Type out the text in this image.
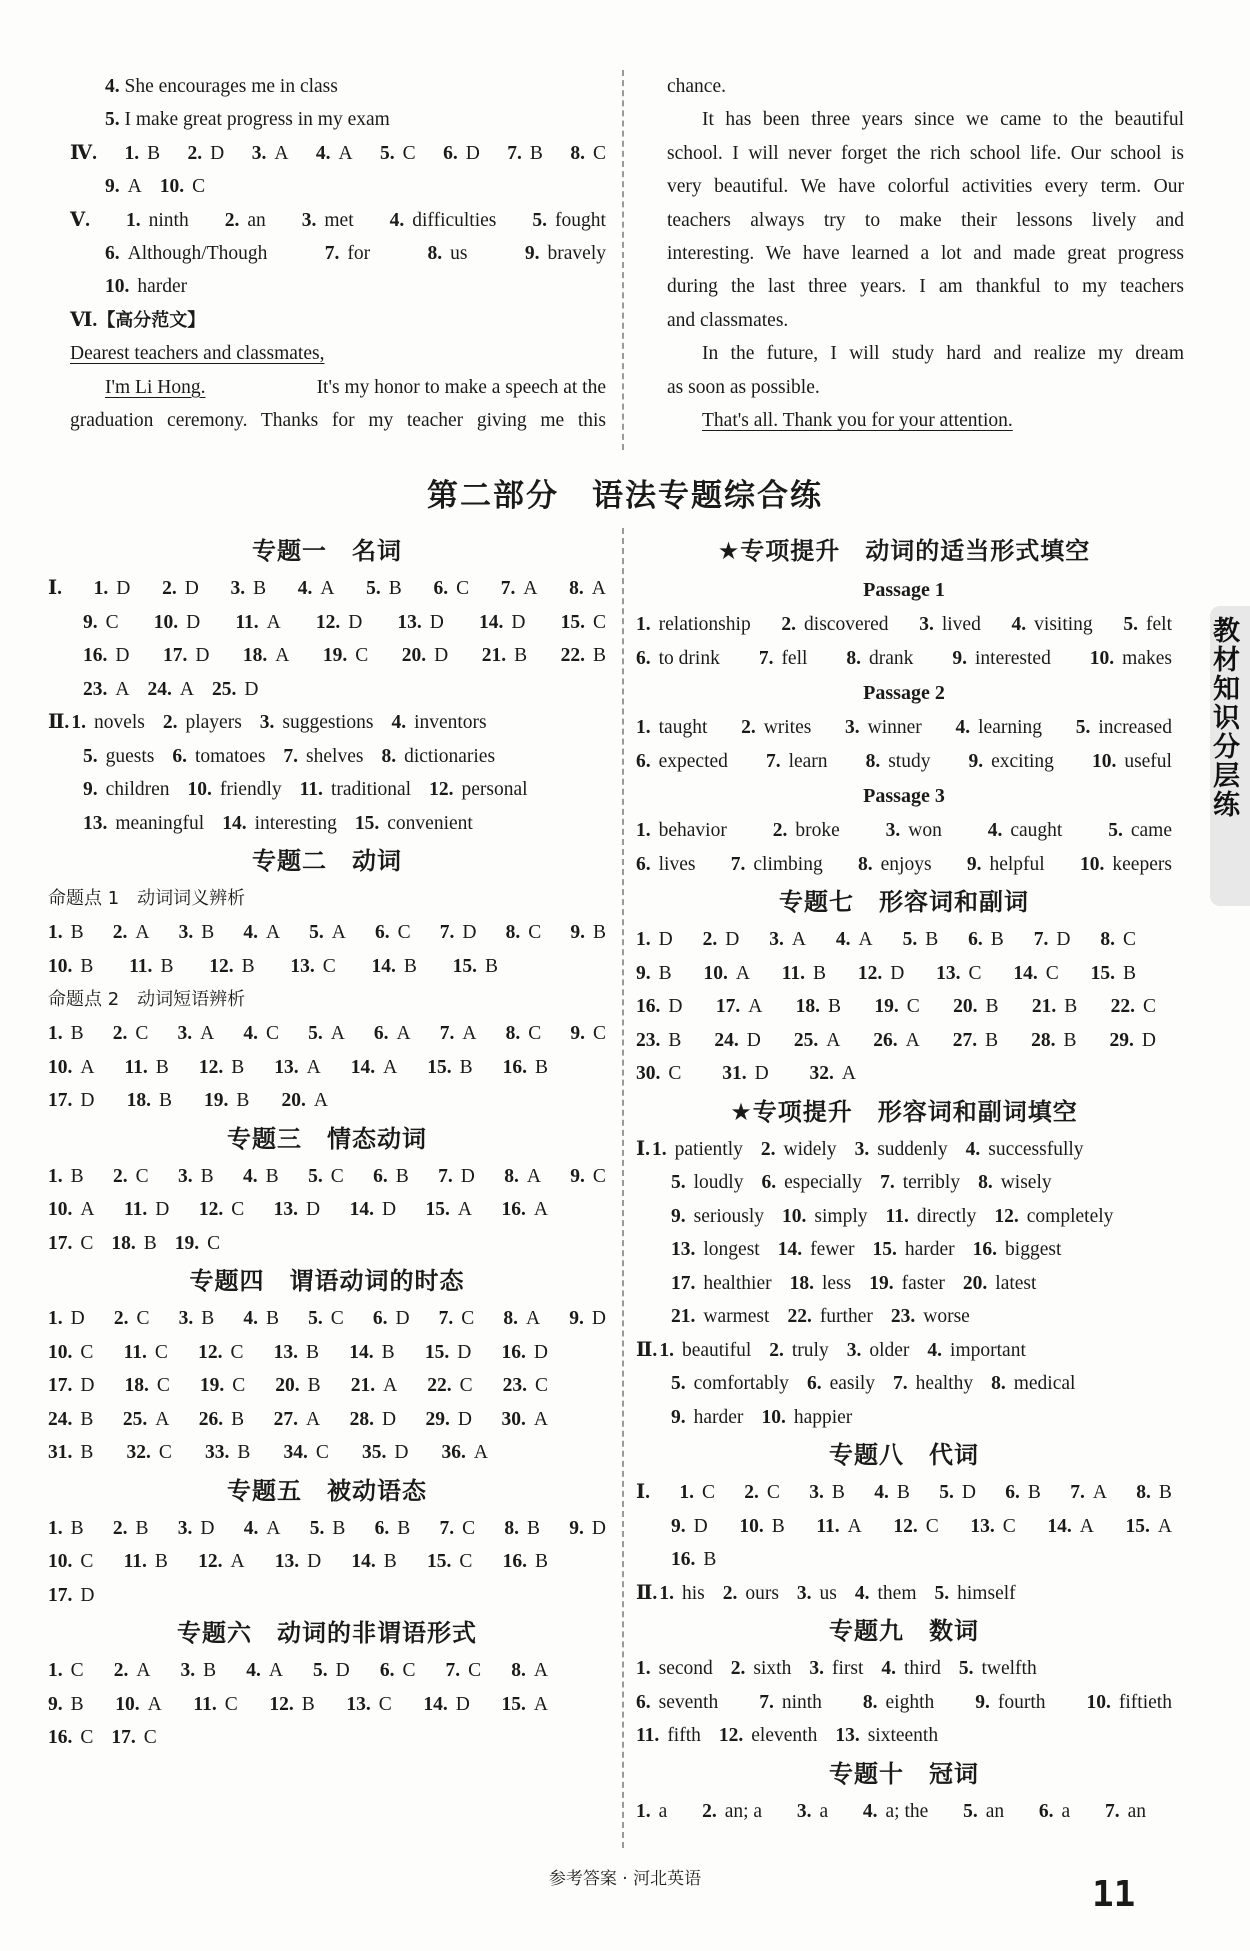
4. She encourages me in class
5. I make great progress in my exam
Ⅳ. 1. B 2. D 3. A 4. A 5. C 6. D 7. B 8. C
9. A 10. C
Ⅴ. 1. ninth 2. an 3. met 4. difficulties 5. fought
6. Although/Though	7. for	8. us	9. bravely
10. harder
Ⅵ.【高分范文】
Dearest teachers and classmates,
I'm Li Hong.	It's my honor to make a speech at the
graduation ceremony. Thanks for my teacher giving me this
chance.
It has been three years since we came to the beautiful
school. I will never forget the rich school life. Our school is
very beautiful. We have colorful activities every term. Our
teachers always try to make their lessons lively and
interesting. We have learned a lot and made great progress
during the last three years. I am thankful to my teachers
and classmates.
In the future, I will study hard and realize my dream
as soon as possible.
That's all. Thank you for your attention.
第二部分　语法专题综合练
专题一　名词
Ⅰ. 1. D 2. D 3. B 4. A 5. B 6. C 7. A 8. A
9. C 10. D 11. A 12. D 13. D 14. D 15. C
16. D 17. D 18. A 19. C 20. D 21. B 22. B
23. A 24. A 25. D
Ⅱ. 1. novels 2. players 3. suggestions 4. inventors
5. guests 6. tomatoes 7. shelves 8. dictionaries
9. children 10. friendly 11. traditional 12. personal
13. meaningful 14. interesting 15. convenient
专题二　动词
命题点 1　动词词义辨析
1. B 2. A 3. B 4. A 5. A 6. C 7. D 8. C 9. B
10. B 11. B 12. B 13. C 14. B 15. B
命题点 2　动词短语辨析
1. B 2. C 3. A 4. C 5. A 6. A 7. A 8. C 9. C
10. A 11. B 12. B 13. A 14. A 15. B 16. B
17. D 18. B 19. B 20. A
专题三　情态动词
1. B 2. C 3. B 4. B 5. C 6. B 7. D 8. A 9. C
10. A 11. D 12. C 13. D 14. D 15. A 16. A
17. C 18. B 19. C
专题四　谓语动词的时态
1. D 2. C 3. B 4. B 5. C 6. D 7. C 8. A 9. D
10. C 11. C 12. C 13. B 14. B 15. D 16. D
17. D 18. C 19. C 20. B 21. A 22. C 23. C
24. B 25. A 26. B 27. A 28. D 29. D 30. A
31. B 32. C 33. B 34. C 35. D 36. A
专题五　被动语态
1. B 2. B 3. D 4. A 5. B 6. B 7. C 8. B 9. D
10. C 11. B 12. A 13. D 14. B 15. C 16. B
17. D
专题六　动词的非谓语形式
1. C 2. A 3. B 4. A 5. D 6. C 7. C 8. A
9. B 10. A 11. C 12. B 13. C 14. D 15. A
16. C 17. C
★专项提升　动词的适当形式填空
Passage 1
1. relationship 2. discovered 3. lived 4. visiting 5. felt
6. to drink 7. fell 8. drank 9. interested 10. makes
Passage 2
1. taught 2. writes 3. winner 4. learning 5. increased
6. expected 7. learn 8. study 9. exciting 10. useful
Passage 3
1. behavior 2. broke 3. won 4. caught 5. came
6. lives 7. climbing 8. enjoys 9. helpful 10. keepers
专题七　形容词和副词
1. D 2. D 3. A 4. A 5. B 6. B 7. D 8. C
9. B 10. A 11. B 12. D 13. C 14. C 15. B
16. D 17. A 18. B 19. C 20. B 21. B 22. C
23. B 24. D 25. A 26. A 27. B 28. B 29. D
30. C 31. D 32. A
★专项提升　形容词和副词填空
Ⅰ. 1. patiently 2. widely 3. suddenly 4. successfully
5. loudly 6. especially 7. terribly 8. wisely
9. seriously 10. simply 11. directly 12. completely
13. longest 14. fewer 15. harder 16. biggest
17. healthier 18. less 19. faster 20. latest
21. warmest 22. further 23. worse
Ⅱ. 1. beautiful 2. truly 3. older 4. important
5. comfortably 6. easily 7. healthy 8. medical
9. harder 10. happier
专题八　代词
Ⅰ. 1. C 2. C 3. B 4. B 5. D 6. B 7. A 8. B
9. D 10. B 11. A 12. C 13. C 14. A 15. A
16. B
Ⅱ. 1. his 2. ours 3. us 4. them 5. himself
专题九　数词
1. second 2. sixth 3. first 4. third 5. twelfth
6. seventh 7. ninth 8. eighth 9. fourth 10. fiftieth
11. fifth 12. eleventh 13. sixteenth
专题十　冠词
1. a 2. an; a 3. a 4. a; the 5. an 6. a 7. an
教材知识分层练
参考答案 · 河北英语	11
